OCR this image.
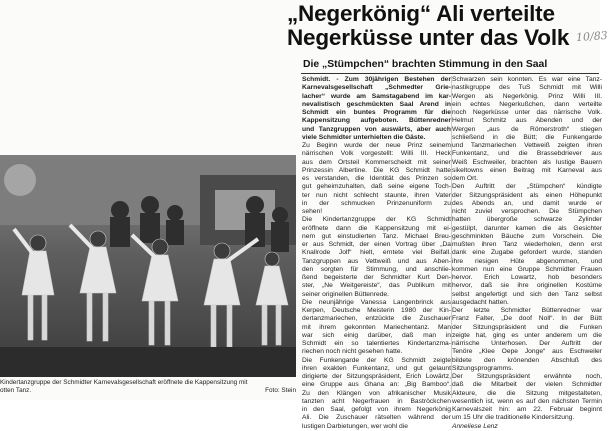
„Negerkönig“ Ali verteilte
Negerküsse unter das Volk 10/83
Die „Stümpchen“ brachten Stimmung in den Saal
Kindertanzgruppe der Schmidter Karnevalsgesellschaft eröffnete die Kappensitzung mit
otten Tanz.	Foto: Stein
Schmidt. - Zum 30jährigen Bestehen der
Karnevalsgesellschaft „Schmedter Grie-
lacher“ wurde am Samstagabend im kar-
nevalistisch geschmückten Saal Arend in
Schmidt ein buntes Programm für die
Kappensitzung aufgeboten. Büttenredner
und Tanzgruppen von auswärts, aber auch
viele Schmidter unterhielten die Gäste.
Zu Beginn wurde der neue Prinz seinem
närrischen Volk vorgestellt: Willi III. Heck
aus dem Ortsteil Kommerscheidt mit seiner
Prinzessin Albertine. Die KG Schmidt hatte
es verstanden, die Identität des Prinzen so
gut geheimzuhalten, daß seine eigene Toch-
ter nun nicht schlecht staunte, ihren Vater
in der schmucken Prinzenuniform zu
sehen!
Die Kindertanzgruppe der KG Schmidt
eröffnete dann die Kappensitzung mit ei-
nem gut einstudierten Tanz. Michael Breu-
er aus Schmidt, der einen Vortrag über „Da
Knallrode Jolf“ hielt, erntete viel Beifall.
Tanzgruppen aus Vettweiß und aus Aben-
den sorgten für Stimmung, und anschlie-
ßend begeisterte der Schmidter Kurt Den-
ster, „Ne Weitgereiste“, das Publikum mit
seiner originellen Büttenrede.
Die neunjährige Vanessa Langenbrinck aus
Kerpen, Deutsche Meisterin 1980 der Kin-
dertanzmariechen, entzückte die Zuschauer
mit ihrem gekonnten Mariechentanz. Man
war sich einig darüber, daß man in
Schmidt ein so talentiertes Kindertanzma-
riechen noch nicht gesehen hatte.
Die Funkengarde der KG Schmidt zeigte
ihren exakten Funkentanz, und gut gelaunt
dirigierte der Sitzungspräsident, Erich Lowärtz,
eine Gruppe aus Ghana an: „Big Bamboo“.
Zu den Klängen von afrikanischer Musik
tanzten acht Negerfrauen in Baströckchen
in den Saal, gefolgt von ihrem Negerkönig
Ali. Die Zuschauer rätselten während der
lustigen Darbietungen, wer wohl die
Schwarzen sein konnten. Es war eine Tanz-
nastikgruppe des TuS Schmidt mit Willi
Wergen als Negerkönig. Prinz Willi III.
ein echtes Negerkußchen, dann verteilte
noch Negerküsse unter das närrische Volk.
Helmut Schmitz aus Abenden und der
Wergen „aus de Römerstroth“ stiegen
schließend in die Bütt; die Funkengarde
und Tanzmariechen Vettweiß zeigten ihren
Funkentanz, und die Brassebdriever aus
Weiß Eschweiler, brachten als lustige Bauern
sikeltowns einen Beitrag mit Karneval aus
dem Ort.
Den Auftritt der „Stümpchen“ kündigte
der Sitzungspräsident als einen Höhepunkt
des Abends an, und damit wurde er
nicht zuviel versprochen. Die Stümpchen
hatten übergroße schwarze Zylinder
gestülpt, darunter kamen die als Gesichter
geschminkten Bäuche zum Vorschein. Die
mußten ihren Tanz wiederholen, denn erst
dank eine Zugabe gefordert wurde, standen
ihre riesigen Hüte abgenommen, und
kommen nun eine Gruppe Schmidter Frauen
hervor. Erich Lowartz, hob besonders
hervor, daß sie ihre originellen Kostüme
selbst angefertigt und sich den Tanz selbst
ausgedacht hatten.
Der letzte Schmidter Büttenredner war
Franz Falter, „De doof Noll“. In der Bütt
der Sitzungspräsident und die Funken
zeigte hat, ging es unter anderem um die
närrische Unterhosen. Der Auftritt der
Tenöre „Klee Oepe Jonge“ aus Eschweiler
bildete den krönenden Abschluß des
Sitzungsprogramms.
Der Sitzungspräsident erwähnte noch,
daß die Mitarbeit der vielen Schmidter
Akteure, die die Sitzung mitgestalteten,
wesentlich ist, wenn es auf den nächsten Termin
Karnevalszeit hin: am 22. Februar beginnt
um 15 Uhr die traditionelle Kindersitzung.
Anneliese Lenz
